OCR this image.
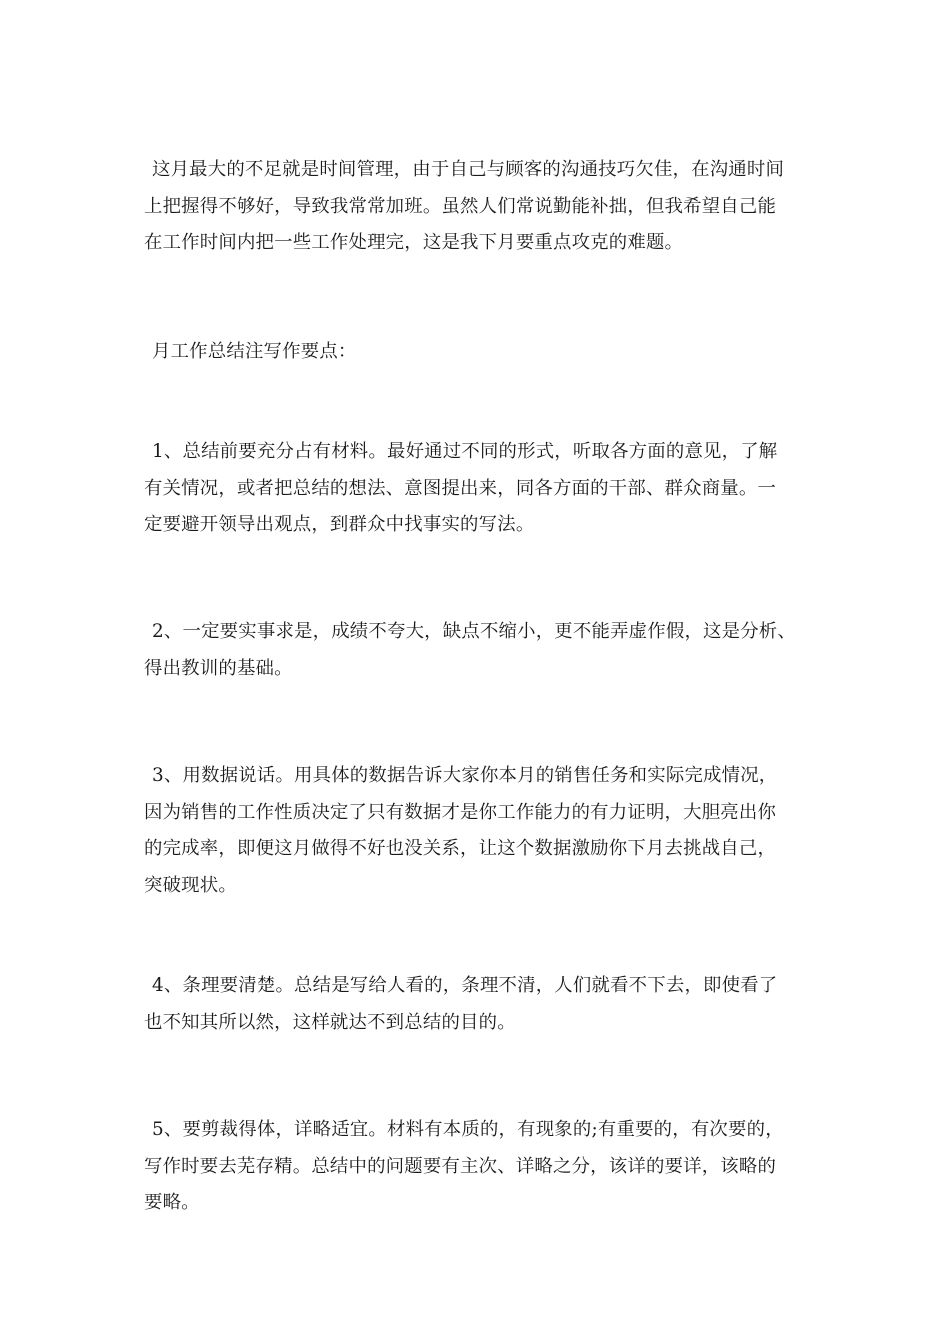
这月最大的不足就是时间管理，由于自己与顾客的沟通技巧欠佳，在沟通时间
上把握得不够好，导致我常常加班。虽然人们常说勤能补拙，但我希望自己能
在工作时间内把一些工作处理完，这是我下月要重点攻克的难题。

月工作总结注写作要点：

1、总结前要充分占有材料。最好通过不同的形式，听取各方面的意见，了解
有关情况，或者把总结的想法、意图提出来，同各方面的干部、群众商量。一
定要避开领导出观点，到群众中找事实的写法。

2、一定要实事求是，成绩不夸大，缺点不缩小，更不能弄虚作假，这是分析、
得出教训的基础。

3、用数据说话。用具体的数据告诉大家你本月的销售任务和实际完成情况，
因为销售的工作性质决定了只有数据才是你工作能力的有力证明，大胆亮出你
的完成率，即便这月做得不好也没关系，让这个数据激励你下月去挑战自己，
突破现状。

4、条理要清楚。总结是写给人看的，条理不清，人们就看不下去，即使看了
也不知其所以然，这样就达不到总结的目的。

5、要剪裁得体，详略适宜。材料有本质的，有现象的;有重要的，有次要的，
写作时要去芜存精。总结中的问题要有主次、详略之分，该详的要详，该略的
要略。
